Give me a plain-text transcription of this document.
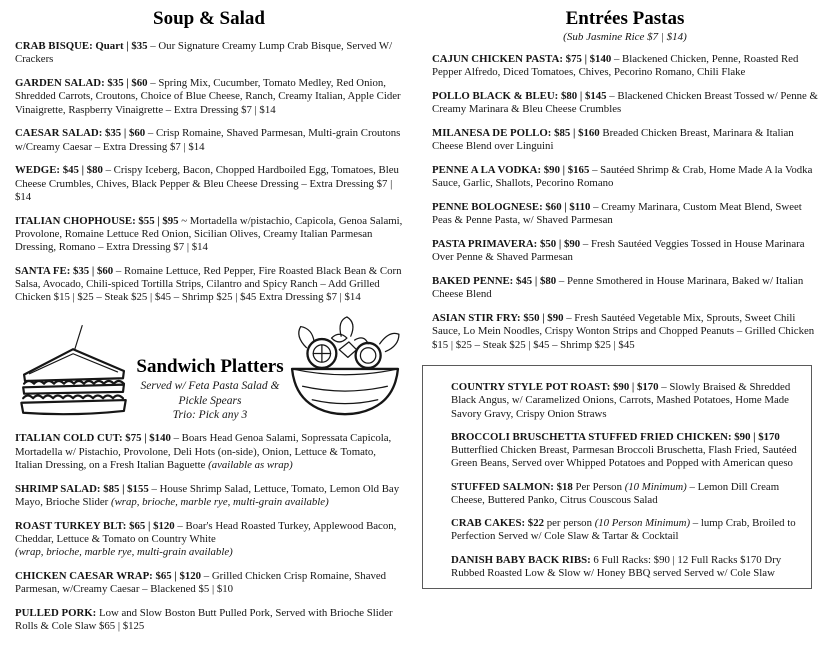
Soup & Salad

CRAB BISQUE: Quart | $35 – Our Signature Creamy Lump Crab Bisque, Served W/ Crackers

GARDEN SALAD: $35 | $60 – Spring Mix, Cucumber, Tomato Medley, Red Onion, Shredded Carrots, Croutons, Choice of Blue Cheese, Ranch, Creamy Italian, Apple Cider Vinaigrette, Raspberry Vinaigrette – Extra Dressing $7 | $14

CAESAR SALAD: $35 | $60 – Crisp Romaine, Shaved Parmesan, Multi-grain Croutons w/Creamy Caesar – Extra Dressing $7 | $14

WEDGE: $45 | $80 – Crispy Iceberg, Bacon, Chopped Hardboiled Egg, Tomatoes, Bleu Cheese Crumbles, Chives, Black Pepper & Bleu Cheese Dressing – Extra Dressing $7 | $14

ITALIAN CHOPHOUSE: $55 | $95 ~ Mortadella w/pistachio, Capicola, Genoa Salami, Provolone, Romaine Lettuce Red Onion, Sicilian Olives, Creamy Italian Parmesan Dressing, Romano – Extra Dressing $7 | $14

SANTA FE: $35 | $60 – Romaine Lettuce, Red Pepper, Fire Roasted Black Bean & Corn Salsa, Avocado, Chili-spiced Tortilla Strips, Cilantro and Spicy Ranch – Add Grilled Chicken $15 | $25 – Steak $25 | $45 – Shrimp $25 | $45 Extra Dressing $7 | $14

Sandwich Platters
Served w/ Feta Pasta Salad & Pickle Spears
Trio: Pick any 3

ITALIAN COLD CUT: $75 | $140 – Boars Head Genoa Salami, Sopressata Capicola, Mortadella w/ Pistachio, Provolone, Deli Hots (on-side), Onion, Lettuce & Tomato, Italian Dressing, on a Fresh Italian Baguette (available as wrap)

SHRIMP SALAD: $85 | $155 – House Shrimp Salad, Lettuce, Tomato, Lemon Old Bay Mayo, Brioche Slider (wrap, brioche, marble rye, multi-grain available)

ROAST TURKEY BLT: $65 | $120 – Boar's Head Roasted Turkey, Applewood Bacon, Cheddar, Lettuce & Tomato on Country White
(wrap, brioche, marble rye, multi-grain available)

CHICKEN CAESAR WRAP: $65 | $120 – Grilled Chicken Crisp Romaine, Shaved Parmesan, w/Creamy Caesar – Blackened $5 | $10

PULLED PORK: Low and Slow Boston Butt Pulled Pork, Served with Brioche Slider Rolls & Cole Slaw $65 | $125

Entrées Pastas
(Sub Jasmine Rice $7 | $14)

CAJUN CHICKEN PASTA: $75 | $140 – Blackened Chicken, Penne, Roasted Red Pepper Alfredo, Diced Tomatoes, Chives, Pecorino Romano, Chili Flake

POLLO BLACK & BLEU: $80 | $145 – Blackened Chicken Breast Tossed w/ Penne & Creamy Marinara & Bleu Cheese Crumbles

MILANESA DE POLLO: $85 | $160 Breaded Chicken Breast, Marinara & Italian Cheese Blend over Linguini

PENNE A LA VODKA: $90 | $165 – Sautéed Shrimp & Crab, Home Made A la Vodka Sauce, Garlic, Shallots, Pecorino Romano

PENNE BOLOGNESE: $60 | $110 – Creamy Marinara, Custom Meat Blend, Sweet Peas & Penne Pasta, w/ Shaved Parmesan

PASTA PRIMAVERA: $50 | $90 – Fresh Sautéed Veggies Tossed in House Marinara Over Penne & Shaved Parmesan

BAKED PENNE: $45 | $80 – Penne Smothered in House Marinara, Baked w/ Italian Cheese Blend

ASIAN STIR FRY: $50 | $90 – Fresh Sautéed Vegetable Mix, Sprouts, Sweet Chili Sauce, Lo Mein Noodles, Crispy Wonton Strips and Chopped Peanuts – Grilled Chicken $15 | $25 – Steak $25 | $45 – Shrimp $25 | $45

COUNTRY STYLE POT ROAST: $90 | $170 – Slowly Braised & Shredded Black Angus, w/ Caramelized Onions, Carrots, Mashed Potatoes, Home Made Savory Gravy, Crispy Onion Straws

BROCCOLI BRUSCHETTA STUFFED FRIED CHICKEN: $90 | $170 Butterflied Chicken Breast, Parmesan Broccoli Bruschetta, Flash Fried, Sautéed Green Beans, Served over Whipped Potatoes and Popped with American queso

STUFFED SALMON: $18 Per Person (10 Minimum) – Lemon Dill Cream Cheese, Buttered Panko, Citrus Couscous Salad

CRAB CAKES: $22 per person (10 Person Minimum) – lump Crab, Broiled to Perfection Served w/ Cole Slaw & Tartar & Cocktail

DANISH BABY BACK RIBS: 6 Full Racks: $90 | 12 Full Racks $170 Dry Rubbed Roasted Low & Slow w/ Honey BBQ served Served w/ Cole Slaw
